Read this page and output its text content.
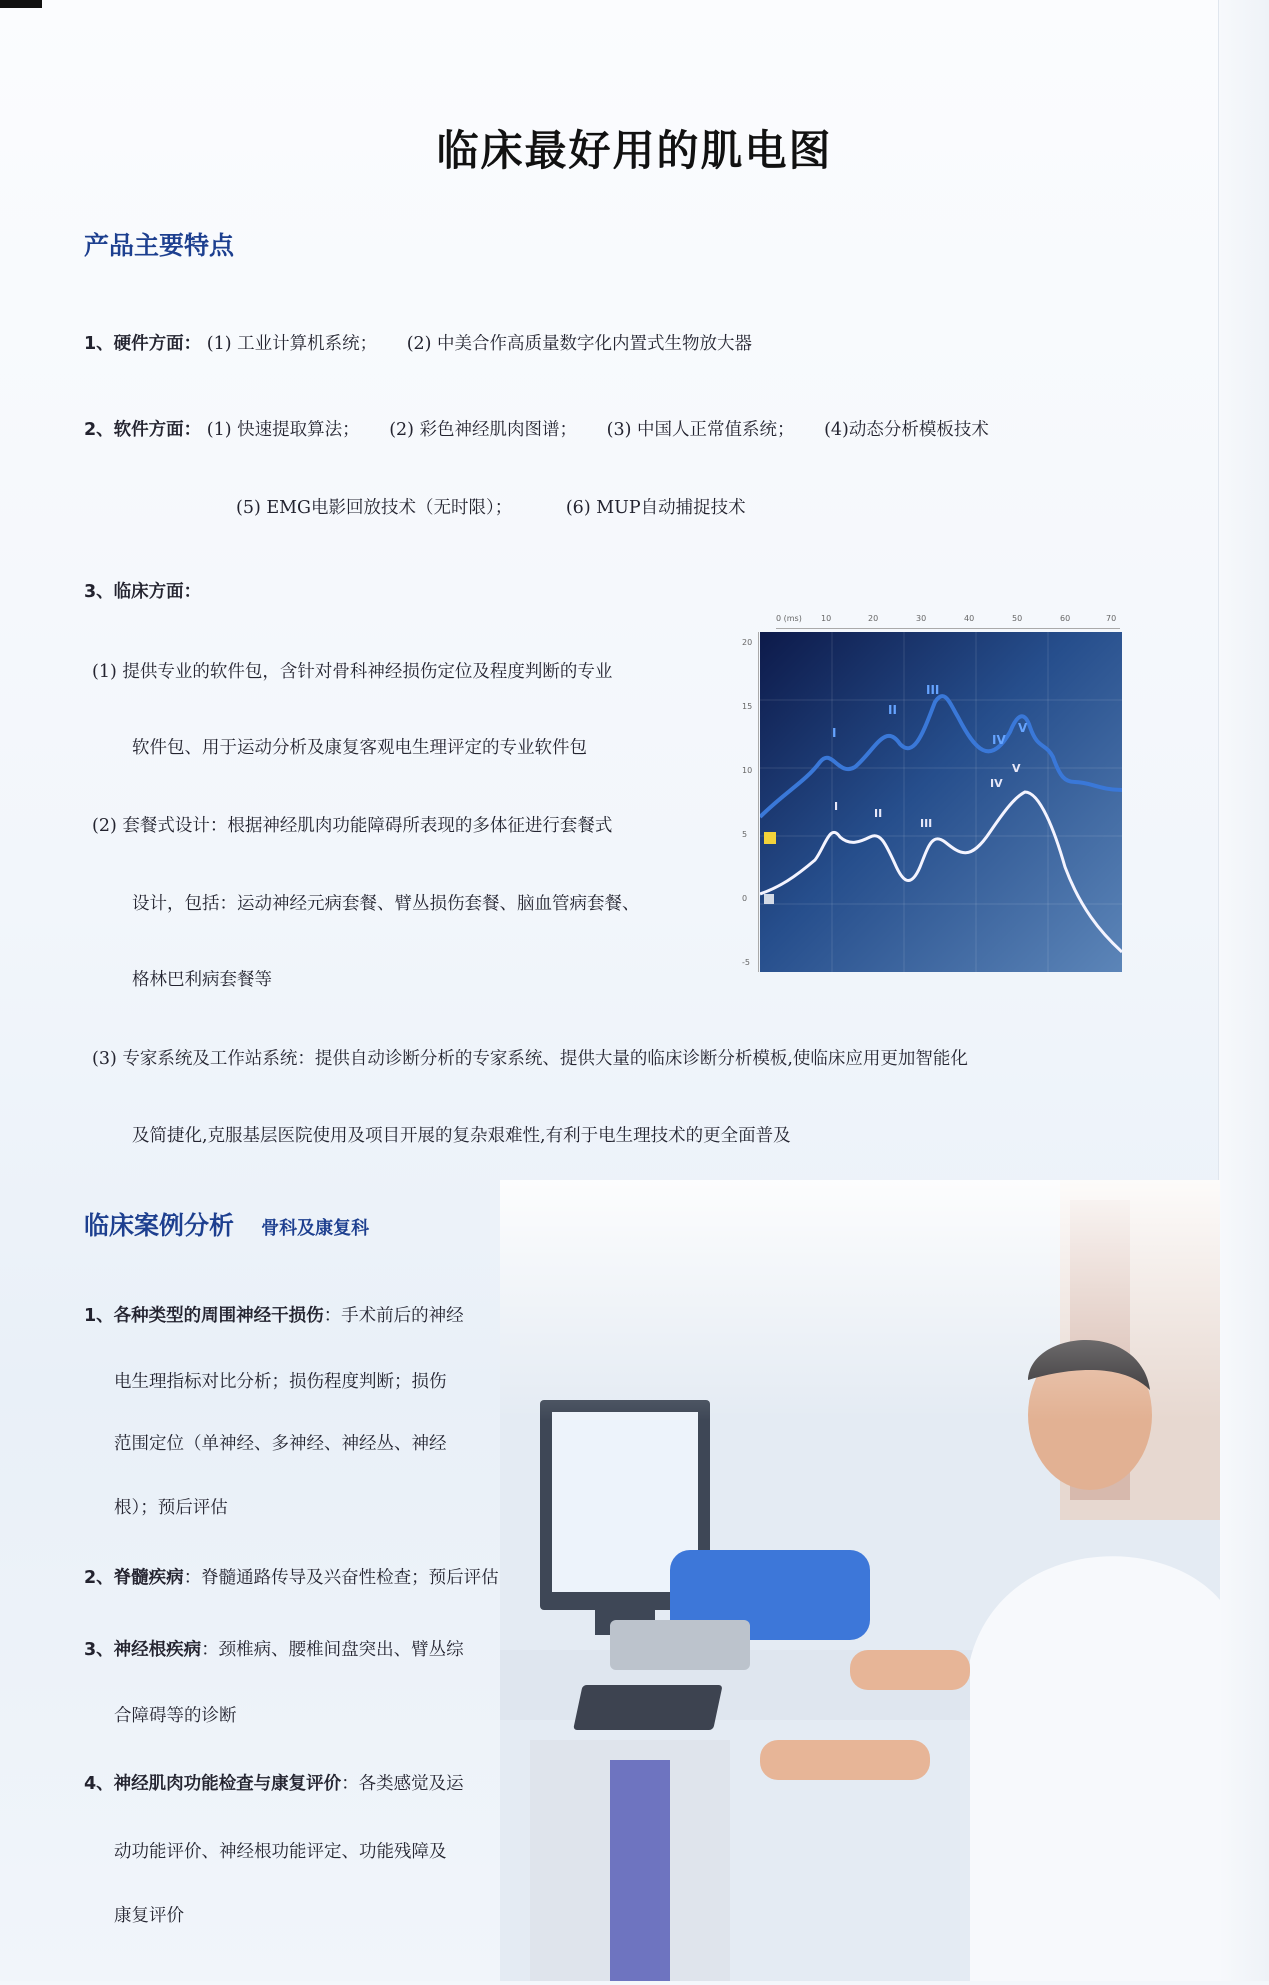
临床最好用的肌电图
产品主要特点
1、硬件方面： (1) 工业计算机系统； (2) 中美合作高质量数字化内置式生物放大器
2、软件方面： (1) 快速提取算法； (2) 彩色神经肌肉图谱； (3) 中国人正常值系统； (4)动态分析模板技术
(5) EMG电影回放技术（无时限）；	(6) MUP自动捕捉技术
3、临床方面：
(1) 提供专业的软件包，含针对骨科神经损伤定位及程度判断的专业
软件包、用于运动分析及康复客观电生理评定的专业软件包
(2) 套餐式设计：根据神经肌肉功能障碍所表现的多体征进行套餐式
设计，包括：运动神经元病套餐、臂丛损伤套餐、脑血管病套餐、
格林巴利病套餐等
0 (ms) 10	20	30	40	50	60	70
20
15
10
5
0
-5
I
II
III
IV
V
I
II
III
IV
V
(3) 专家系统及工作站系统：提供自动诊断分析的专家系统、提供大量的临床诊断分析模板,使临床应用更加智能化
及简捷化,克服基层医院使用及项目开展的复杂艰难性,有利于电生理技术的更全面普及
临床案例分析 骨科及康复科
1、各种类型的周围神经干损伤：手术前后的神经
电生理指标对比分析；损伤程度判断；损伤
范围定位（单神经、多神经、神经丛、神经
根）；预后评估
2、脊髓疾病：脊髓通路传导及兴奋性检查；预后评估
3、神经根疾病：颈椎病、腰椎间盘突出、臂丛综
合障碍等的诊断
4、神经肌肉功能检查与康复评价：各类感觉及运
动功能评价、神经根功能评定、功能残障及
康复评价
